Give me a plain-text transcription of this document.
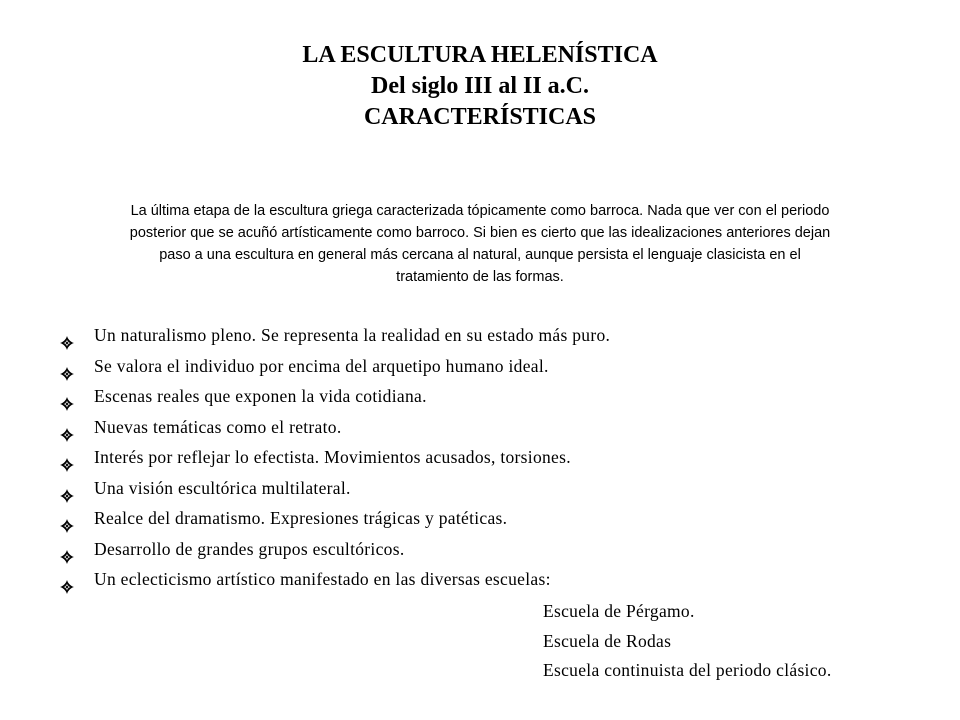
LA ESCULTURA HELENÍSTICA
Del siglo III al II a.C.
CARACTERÍSTICAS
La última etapa de la escultura griega caracterizada tópicamente como barroca. Nada que ver con el periodo
posterior que se acuñó artísticamente como barroco. Si bien es cierto que las idealizaciones anteriores dejan
paso a una escultura en general más cercana al natural, aunque persista el lenguaje clasicista en el
tratamiento de las formas.
Un naturalismo pleno. Se representa la realidad en su estado más puro.
Se valora el individuo por encima del arquetipo humano ideal.
Escenas reales que exponen la vida cotidiana.
Nuevas temáticas como el retrato.
Interés por reflejar lo efectista. Movimientos acusados, torsiones.
Una visión escultórica multilateral.
Realce del dramatismo. Expresiones trágicas y patéticas.
Desarrollo de grandes grupos escultóricos.
Un eclecticismo artístico manifestado en las diversas escuelas:
Escuela de Pérgamo.
Escuela de Rodas
Escuela continuista del periodo clásico.
